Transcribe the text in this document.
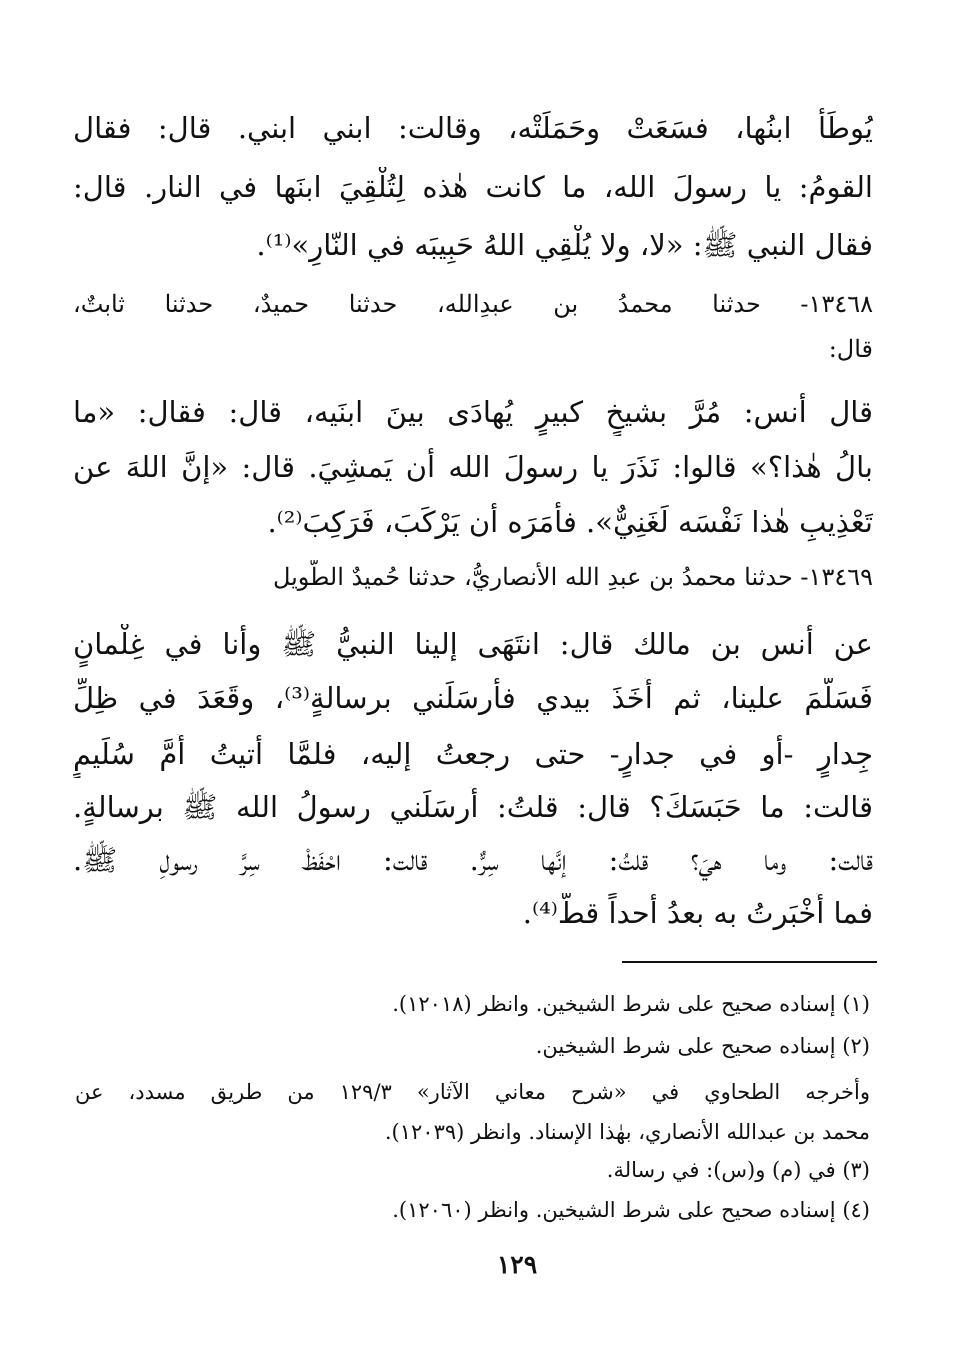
يُوطَأَ ابنُها، فسَعَتْ وحَمَلَتْه، وقالت: ابني ابني. قال: فقال
القومُ: يا رسولَ الله، ما كانت هٰذه لِتُلْقِيَ ابنَها في النار. قال:
فقال النبي ﷺ: «لا، ولا يُلْقِي اللهُ حَبِيبَه في النّارِ»⁽¹⁾.
١٣٤٦٨- حدثنا محمدُ بن عبدِالله، حدثنا حميدٌ، حدثنا ثابتٌ،
قال:
قال أنس: مُرَّ بشيخٍ كبيرٍ يُهادَى بينَ ابنَيه، قال: فقال: «ما
بالُ هٰذا؟» قالوا: نَذَرَ يا رسولَ الله أن يَمشِيَ. قال: «إنَّ اللهَ عن
تَعْذِيبِ هٰذا نَفْسَه لَغَنِيٌّ». فأَمَرَه أن يَرْكَبَ، فَرَكِبَ⁽²⁾.
١٣٤٦٩- حدثنا محمدُ بن عبدِ الله الأنصاريُّ، حدثنا حُميدٌ الطَّويل
عن أنس بن مالك قال: انتَهَى إلينا النبيُّ ﷺ وأنا في غِلْمانٍ
فَسَلَّمَ علينا، ثم أَخَذَ بيدي فأَرسَلَني برسالةٍ⁽³⁾، وقَعَدَ في ظِلِّ
جِدارٍ -أو في جدارٍ- حتى رجعتُ إليه، فلمَّا أتيتُ أُمَّ سُلَيمٍ
قالت: ما حَبَسَكَ؟ قال: قلتُ: أَرسَلَني رسولُ الله ﷺ برسالةٍ.
قالت: وما هيَ؟ قلتُ: إنَّها سِرٌّ. قالت: احْفَظْ سِرَّ رسولِ ﷺ.
فما أَخْبَرتُ به بعدُ أحداً قطُّ⁽⁴⁾.
(١) إسناده صحيح على شرط الشيخين. وانظر (١٢٠١٨).
(٢) إسناده صحيح على شرط الشيخين.
وأخرجه الطحاوي في «شرح معاني الآثار» ١٢٩/٣ من طريق مسدد، عن
محمد بن عبدالله الأنصاري، بهٰذا الإسناد. وانظر (١٢٠٣٩).
(٣) في (م) و(س): في رسالة.
(٤) إسناده صحيح على شرط الشيخين. وانظر (١٢٠٦٠).
١٢٩
